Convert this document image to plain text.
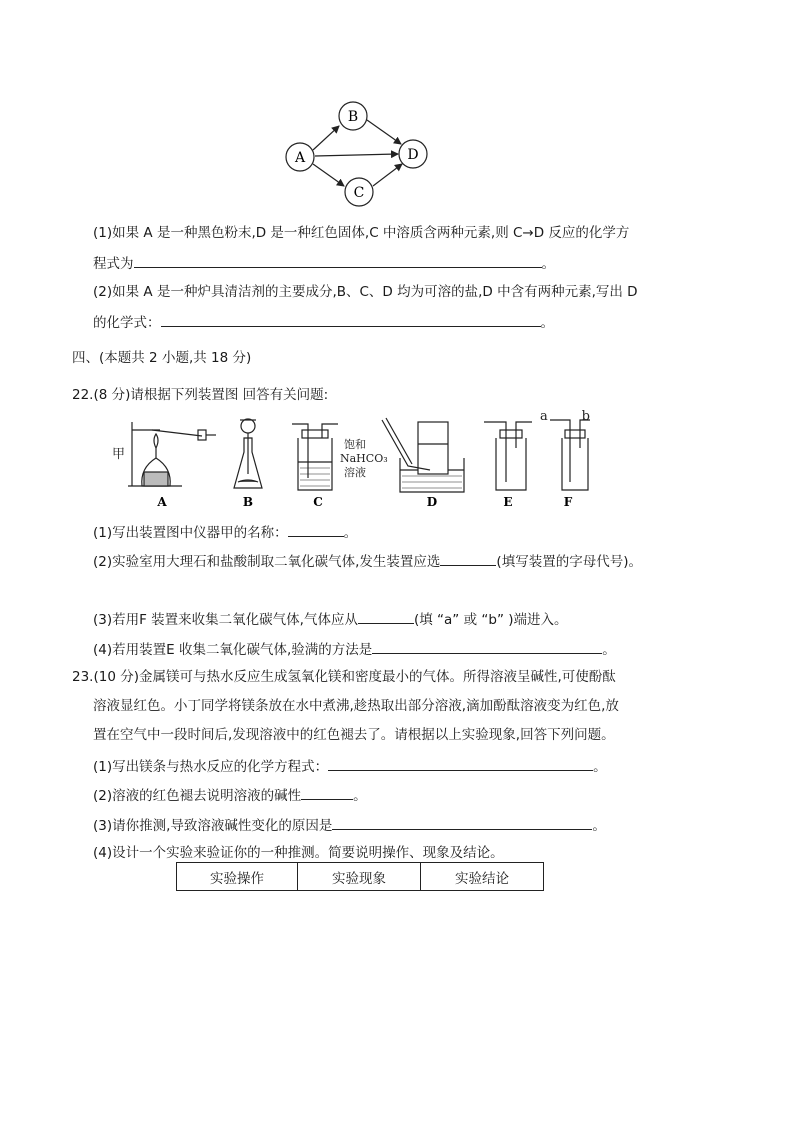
A
B
C
D
(1)如果 A 是一种黑色粉末,D 是一种红色固体,C 中溶质含两种元素,则 C→D 反应的化学方
程式为	。
(2)如果 A 是一种炉具清洁剂的主要成分,B、C、D 均为可溶的盐,D 中含有两种元素,写出 D
的化学式：	。
四、(本题共 2 小题,共 18 分)
22.(8 分)请根据下列装置图 回答有关问题:
甲
饱和
NaHCO₃
溶液
a	b
A	B	C	D	E	F
(1)写出装置图中仪器甲的名称：	。
(2)实验室用大理石和盐酸制取二氧化碳气体,发生装置应选	(填写装置的字母代号)。
(3)若用F 装置来收集二氧化碳气体,气体应从	(填 “a” 或 “b” )端进入。
(4)若用装置E 收集二氧化碳气体,验满的方法是	。
23.(10 分)金属镁可与热水反应生成氢氧化镁和密度最小的气体。所得溶液呈碱性,可使酚酞
溶液显红色。小丁同学将镁条放在水中煮沸,趁热取出部分溶液,滴加酚酞溶液变为红色,放
置在空气中一段时间后,发现溶液中的红色褪去了。请根据以上实验现象,回答下列问题。
(1)写出镁条与热水反应的化学方程式：	。
(2)溶液的红色褪去说明溶液的碱性	。
(3)请你推测,导致溶液碱性变化的原因是	。
(4)设计一个实验来验证你的一种推测。简要说明操作、现象及结论。
实验操作	实验现象	实验结论
